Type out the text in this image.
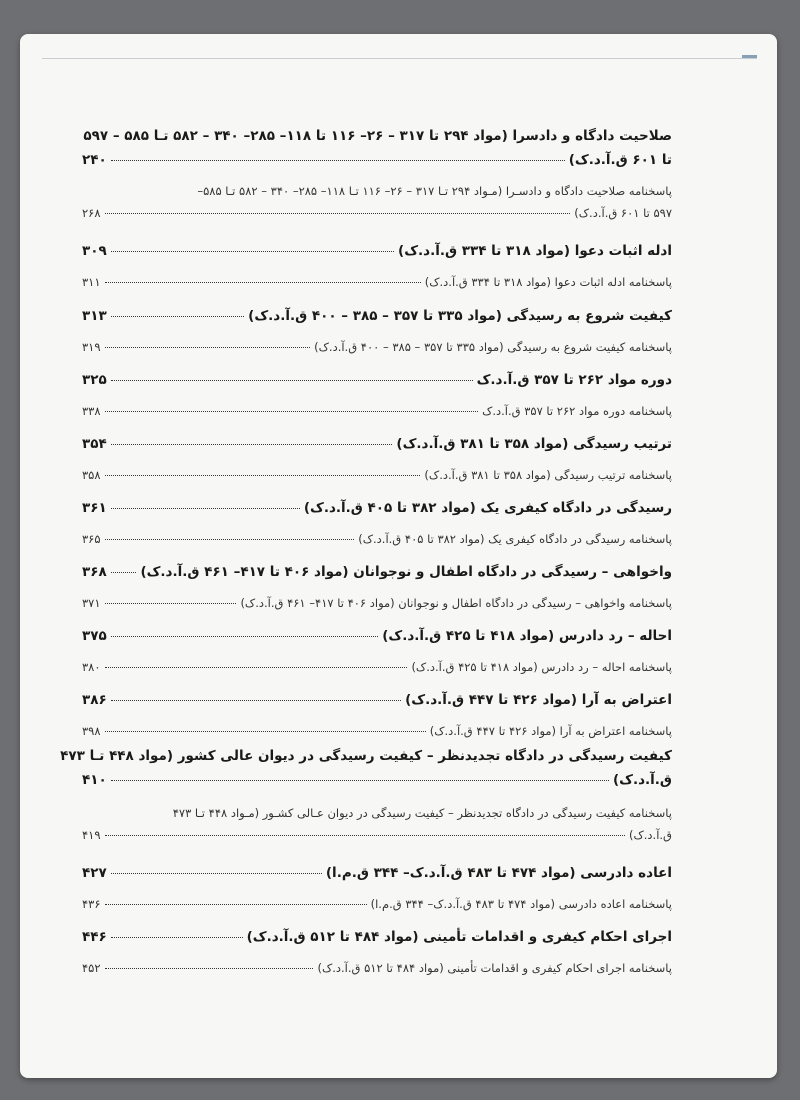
صلاحیت دادگاه و دادسرا (مواد ۲۹۴ تا ۳۱۷ – ۲۶– ۱۱۶ تا ۱۱۸– ۲۸۵– ۳۴۰ – ۵۸۲ تـا ۵۸۵ – ۵۹۷
تا ۶۰۱ ق.آ.د.ک)
۲۴۰
پاسخنامه صلاحیت دادگاه و دادسـرا (مـواد ۲۹۴ تـا ۳۱۷ – ۲۶– ۱۱۶ تـا ۱۱۸– ۲۸۵– ۳۴۰ – ۵۸۲ تـا ۵۸۵–
۵۹۷ تا ۶۰۱ ق.آ.د.ک)
۲۶۸
ادله اثبات دعوا (مواد ۳۱۸ تا ۳۳۴ ق.آ.د.ک)
۳۰۹
پاسخنامه ادله اثبات دعوا (مواد ۳۱۸ تا ۳۳۴ ق.آ.د.ک)
۳۱۱
کیفیت شروع به رسیدگی (مواد ۳۳۵ تا ۳۵۷ – ۳۸۵ – ۴۰۰ ق.آ.د.ک)
۳۱۳
پاسخنامه کیفیت شروع به رسیدگی (مواد ۳۳۵ تا ۳۵۷ – ۳۸۵ – ۴۰۰ ق.آ.د.ک)
۳۱۹
دوره مواد ۲۶۲ تا ۳۵۷ ق.آ.د.ک
۳۲۵
پاسخنامه دوره مواد ۲۶۲ تا ۳۵۷ ق.آ.د.ک
۳۳۸
ترتیب رسیدگی (مواد ۳۵۸ تا ۳۸۱ ق.آ.د.ک)
۳۵۴
پاسخنامه ترتیب رسیدگی (مواد ۳۵۸ تا ۳۸۱ ق.آ.د.ک)
۳۵۸
رسیدگی در دادگاه کیفری یک (مواد ۳۸۲ تا ۴۰۵ ق.آ.د.ک)
۳۶۱
پاسخنامه رسیدگی در دادگاه کیفری یک (مواد ۳۸۲ تا ۴۰۵ ق.آ.د.ک)
۳۶۵
واخواهی – رسیدگی در دادگاه اطفال و نوجوانان (مواد ۴۰۶ تا ۴۱۷– ۴۶۱ ق.آ.د.ک)
۳۶۸
پاسخنامه واخواهی – رسیدگی در دادگاه اطفال و نوجوانان (مواد ۴۰۶ تا ۴۱۷– ۴۶۱ ق.آ.د.ک)
۳۷۱
احاله – رد دادرس (مواد ۴۱۸ تا ۴۲۵ ق.آ.د.ک)
۳۷۵
پاسخنامه احاله – رد دادرس (مواد ۴۱۸ تا ۴۲۵ ق.آ.د.ک)
۳۸۰
اعتراض به آرا (مواد ۴۲۶ تا ۴۴۷ ق.آ.د.ک)
۳۸۶
پاسخنامه اعتراض به آرا (مواد ۴۲۶ تا ۴۴۷ ق.آ.د.ک)
۳۹۸
کیفیت رسیدگی در دادگاه تجدیدنظر – کیفیت رسیدگی در دیوان عالی کشور (مواد ۴۴۸ تـا ۴۷۳
ق.آ.د.ک)
۴۱۰
پاسخنامه کیفیت رسیدگی در دادگاه تجدیدنظر – کیفیت رسیدگی در دیوان عـالی کشـور (مـواد ۴۴۸ تـا ۴۷۳
ق.آ.د.ک)
۴۱۹
اعاده دادرسی (مواد ۴۷۴ تا ۴۸۳ ق.آ.د.ک– ۳۴۴ ق.م.ا)
۴۲۷
پاسخنامه اعاده دادرسی (مواد ۴۷۴ تا ۴۸۳ ق.آ.د.ک– ۳۴۴ ق.م.ا)
۴۳۶
اجرای احکام کیفری و اقدامات تأمینی (مواد ۴۸۴ تا ۵۱۲ ق.آ.د.ک)
۴۴۶
پاسخنامه اجرای احکام کیفری و اقدامات تأمینی (مواد ۴۸۴ تا ۵۱۲ ق.آ.د.ک)
۴۵۲
